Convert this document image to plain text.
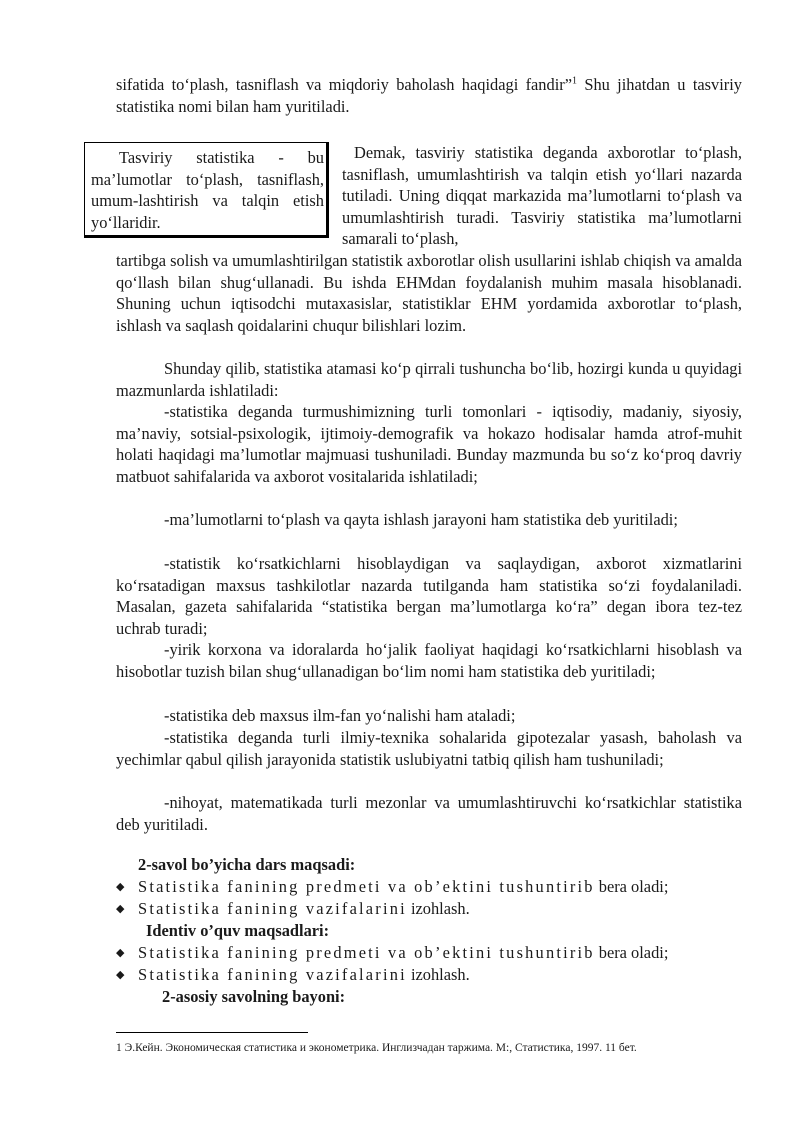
sifatida to‘plash, tasniflash va miqdoriy baholash haqidagi fandir”$^1$ Shu jihatdan u tasviriy statistika nomi bilan ham yuritiladi.
Tasviriy statistika - bu ma’lumotlar to‘plash, tasniflash, umum-lashtirish va talqin etish yo‘llaridir.
Demak, tasviriy statistika deganda axborotlar to‘plash, tasniflash, umumlashtirish va talqin etish yo‘llari nazarda tutiladi. Uning diqqat markazida ma’lumotlarni to‘plash va umumlashtirish turadi. Tasviriy statistika ma’lumotlarni samarali to‘plash,
tartibga solish va umumlashtirilgan statistik axborotlar olish usullarini ishlab chiqish va amalda qo‘llash bilan shug‘ullanadi. Bu ishda EHMdan foydalanish muhim masala hisoblanadi. Shuning uchun iqtisodchi mutaxasislar, statistiklar EHM yordamida axborotlar to‘plash, ishlash va saqlash qoidalarini chuqur bilishlari lozim.
Shunday qilib, statistika atamasi ko‘p qirrali tushuncha bo‘lib, hozirgi kunda u quyidagi mazmunlarda ishlatiladi:
-statistika deganda turmushimizning turli tomonlari - iqtisodiy, madaniy, siyosiy, ma’naviy, sotsial-psixologik, ijtimoiy-demografik va hokazo hodisalar hamda atrof-muhit holati haqidagi ma’lumotlar majmuasi tushuniladi. Bunday mazmunda bu so‘z ko‘proq davriy matbuot sahifalarida va axborot vositalarida ishlatiladi;
-ma’lumotlarni to‘plash va qayta ishlash jarayoni ham statistika deb yuritiladi;
-statistik ko‘rsatkichlarni hisoblaydigan va saqlaydigan, axborot xizmatlarini ko‘rsatadigan maxsus tashkilotlar nazarda tutilganda ham statistika so‘zi foydalaniladi. Masalan, gazeta sahifalarida “statistika bergan ma’lumotlarga ko‘ra” degan ibora tez-tez uchrab turadi;
-yirik korxona va idoralarda ho‘jalik faoliyat haqidagi ko‘rsatkichlarni hisoblash va hisobotlar tuzish bilan shug‘ullanadigan bo‘lim nomi ham statistika deb yuritiladi;
-statistika deb maxsus ilm-fan yo‘nalishi ham ataladi;
-statistika deganda turli ilmiy-texnika sohalarida gipotezalar yasash, baholash va yechimlar qabul qilish jarayonida statistik uslubiyatni tatbiq qilish ham tushuniladi;
-nihoyat, matematikada turli mezonlar va umumlashtiruvchi ko‘rsatkichlar statistika deb yuritiladi.
2-savol bo’yicha dars maqsadi:
◆ Statistika fanining predmeti va ob’ektini tushuntirib bera oladi;
◆ Statistika fanining vazifalarini izohlash.
Identiv o’quv maqsadlari:
◆ Statistika fanining predmeti va ob’ektini tushuntirib bera oladi;
◆ Statistika fanining vazifalarini izohlash.
2-asosiy savolning bayoni:
1 Э.Кейн. Экономическая статистика и эконометрика. Инглизчадан таржима. М:, Статистика, 1997. 11 бет.
